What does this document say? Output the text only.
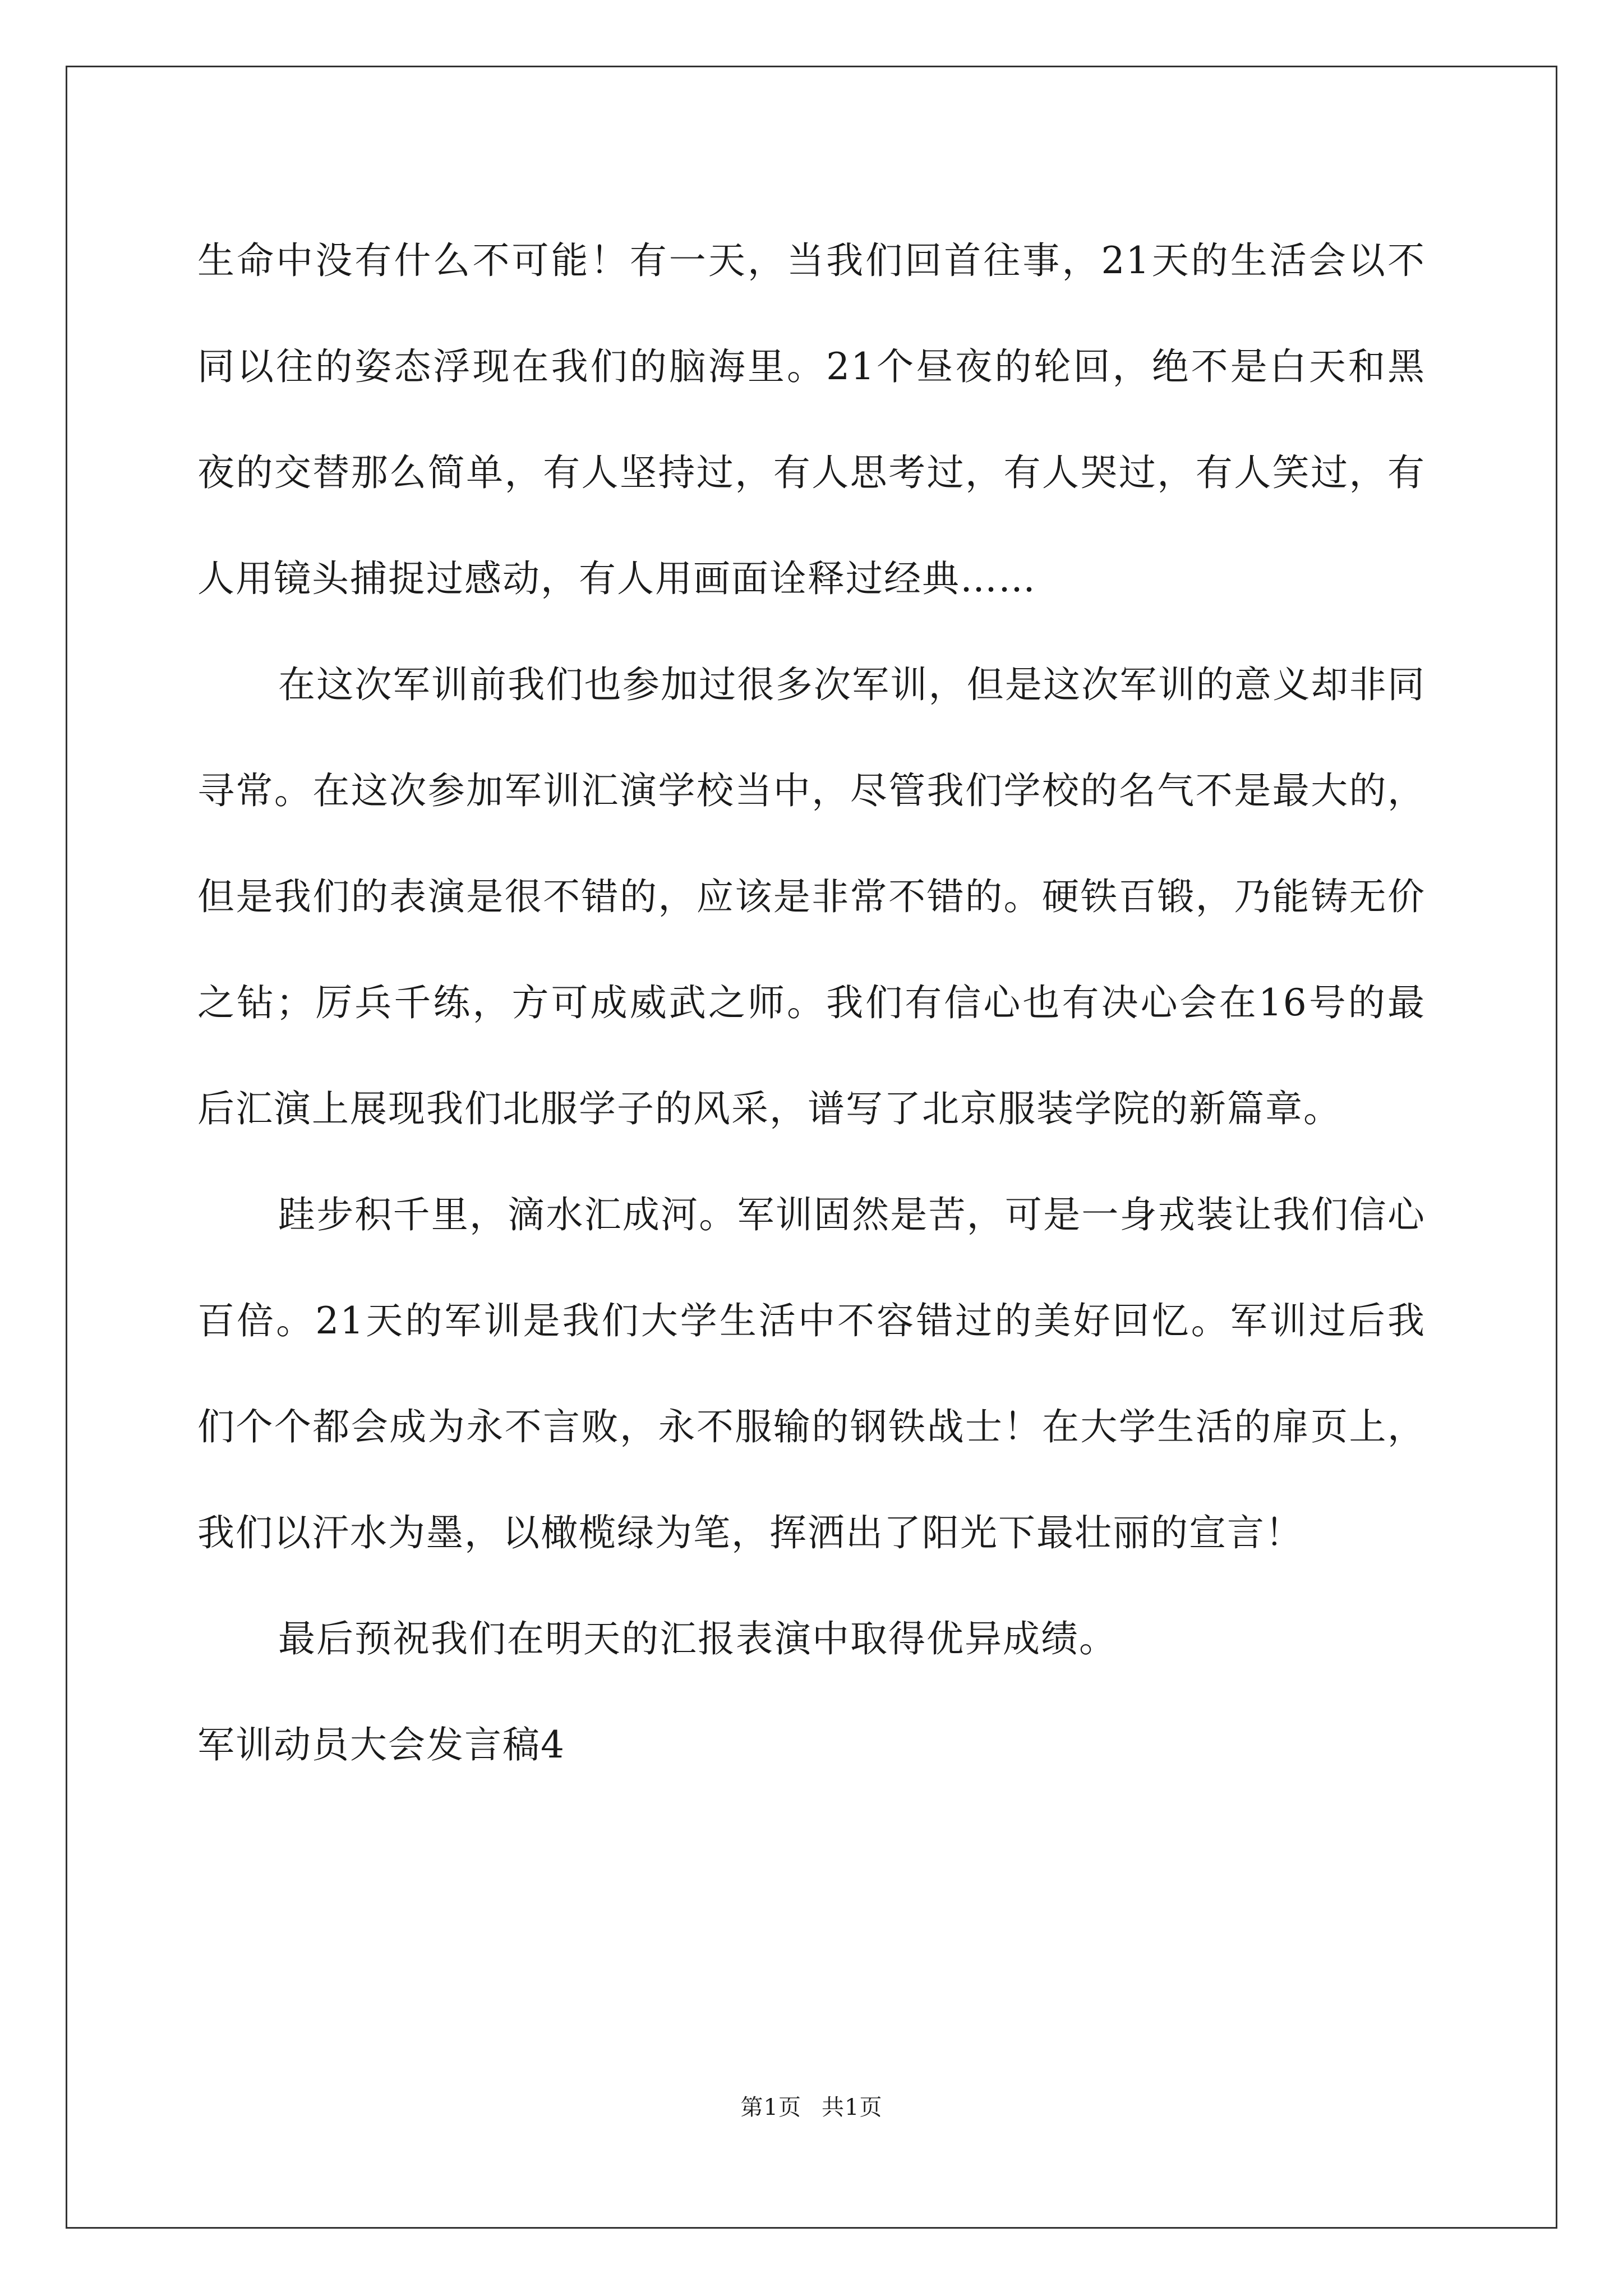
生命中没有什么不可能！有一天，当我们回首往事，21天的生活会以不同以往的姿态浮现在我们的脑海里。21个昼夜的轮回，绝不是白天和黑夜的交替那么简单，有人坚持过，有人思考过，有人哭过，有人笑过，有人用镜头捕捉过感动，有人用画面诠释过经典……

在这次军训前我们也参加过很多次军训，但是这次军训的意义却非同寻常。在这次参加军训汇演学校当中，尽管我们学校的名气不是最大的，但是我们的表演是很不错的，应该是非常不错的。硬铁百锻，乃能铸无价之钻；厉兵千练，方可成威武之师。我们有信心也有决心会在16号的最后汇演上展现我们北服学子的风采，谱写了北京服装学院的新篇章。

跬步积千里，滴水汇成河。军训固然是苦，可是一身戎装让我们信心百倍。21天的军训是我们大学生活中不容错过的美好回忆。军训过后我们个个都会成为永不言败，永不服输的钢铁战士！在大学生活的扉页上，我们以汗水为墨，以橄榄绿为笔，挥洒出了阳光下最壮丽的宣言！

最后预祝我们在明天的汇报表演中取得优异成绩。

军训动员大会发言稿4

第1页 共1页
